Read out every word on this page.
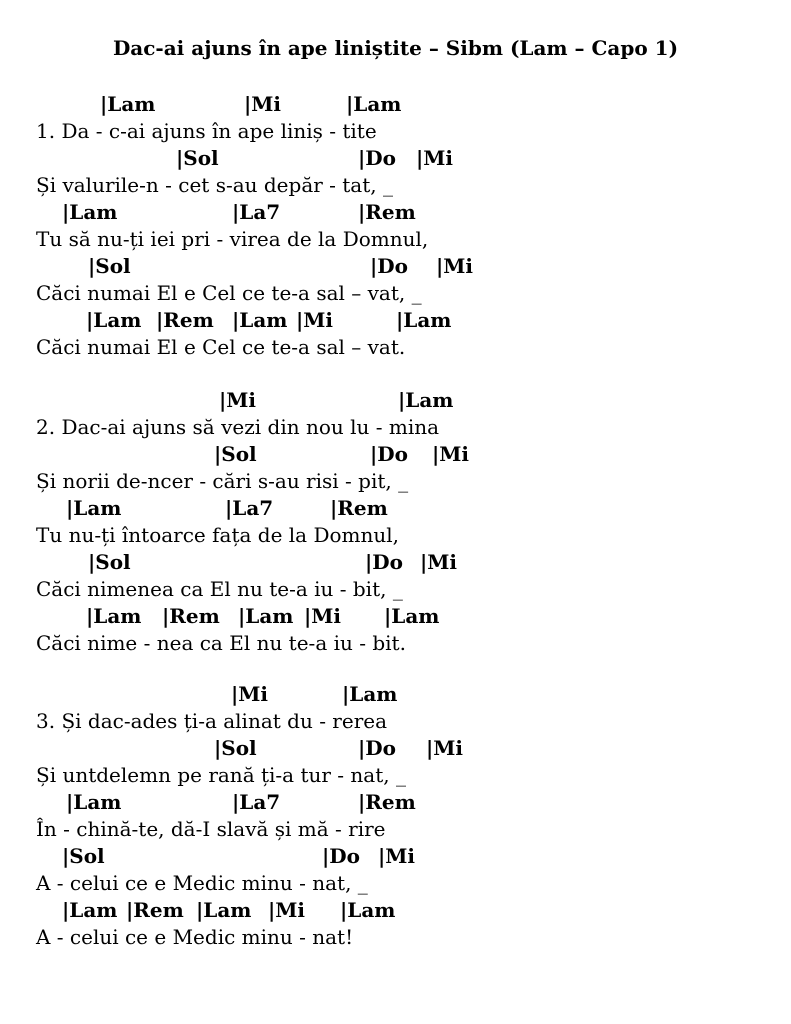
Dac-ai ajuns în ape liniștite – Sibm (Lam – Capo 1)
|Lam	|Mi	|Lam
1. Da - c-ai ajuns în ape liniș - tite
|Sol	|Do |Mi
Și valurile-n - cet s-au depăr - tat, _
|Lam	|La7	|Rem
Tu să nu-ți iei pri - virea de la Domnul,
|Sol	|Do |Mi
Căci numai El e Cel ce te-a sal – vat, _
|Lam |Rem |Lam |Mi	|Lam
Căci numai El e Cel ce te-a sal – vat.
|Mi	|Lam
2. Dac-ai ajuns să vezi din nou lu - mina
|Sol	|Do |Mi
Și norii de-ncer - cări s-au risi - pit, _
|Lam	|La7	|Rem
Tu nu-ți întoarce fața de la Domnul,
|Sol	|Do |Mi
Căci nimenea ca El nu te-a iu - bit, _
|Lam |Rem |Lam |Mi |Lam
Căci nime - nea ca El nu te-a iu - bit.
|Mi	|Lam
3. Și dac-ades ți-a alinat du - rerea
|Sol	|Do |Mi
Și untdelemn pe rană ți-a tur - nat, _
|Lam	|La7	|Rem
În - chină-te, dă-I slavă și mă - rire
|Sol	|Do |Mi
A - celui ce e Medic minu - nat, _
|Lam |Rem |Lam |Mi |Lam
A - celui ce e Medic minu - nat!
